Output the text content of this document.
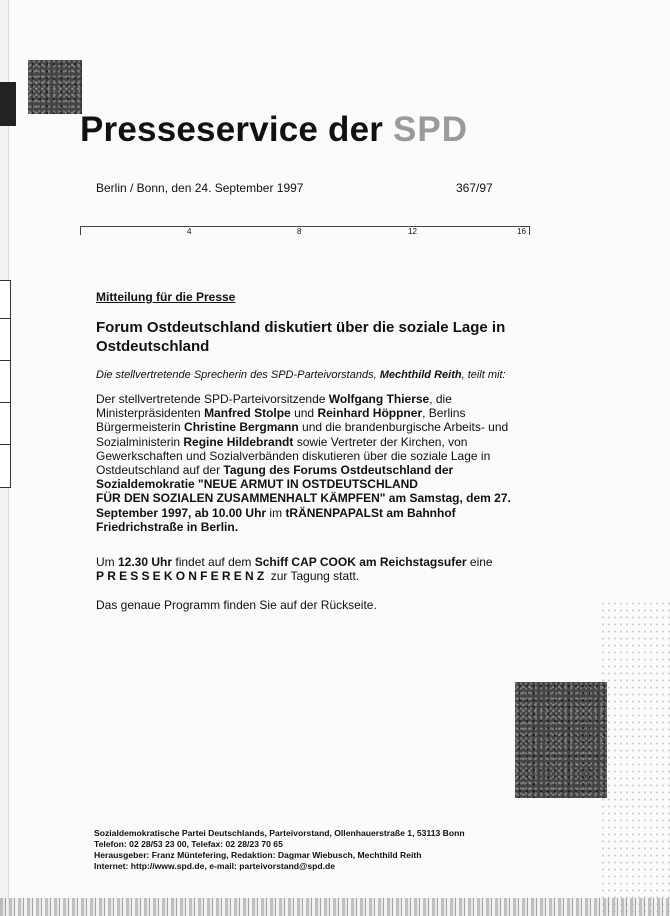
Presseservice der SPD
Berlin / Bonn, den 24. September 1997	367/97
4	8	12	16
Mitteilung für die Presse
Forum Ostdeutschland diskutiert über die soziale Lage in Ostdeutschland
Die stellvertretende Sprecherin des SPD-Parteivorstands, Mechthild Reith, teilt mit:

Der stellvertretende SPD-Parteivorsitzende Wolfgang Thierse, die Ministerpräsidenten Manfred Stolpe und Reinhard Höppner, Berlins Bürgermeisterin Christine Bergmann und die brandenburgische Arbeits- und Sozialministerin Regine Hildebrandt sowie Vertreter der Kirchen, von Gewerkschaften und Sozialverbänden diskutieren über die soziale Lage in Ostdeutschland auf der Tagung des Forums Ostdeutschland der Sozialdemokratie "NEUE ARMUT IN OSTDEUTSCHLAND
FÜR DEN SOZIALEN ZUSAMMENHALT KÄMPFEN" am Samstag, dem 27. September 1997, ab 10.00 Uhr im tRÄNENPAPALSt am Bahnhof Friedrichstraße in Berlin.

Um 12.30 Uhr findet auf dem Schiff CAP COOK am Reichstagsufer eine
PRESSEKONFERENZ zur Tagung statt.

Das genaue Programm finden Sie auf der Rückseite.

Sozialdemokratische Partei Deutschlands, Parteivorstand, Ollenhauerstraße 1, 53113 Bonn
Telefon: 02 28/53 23 00, Telefax: 02 28/23 70 65
Herausgeber: Franz Müntefering, Redaktion: Dagmar Wiebusch, Mechthild Reith
Internet: http://www.spd.de, e-mail: parteivorstand@spd.de
